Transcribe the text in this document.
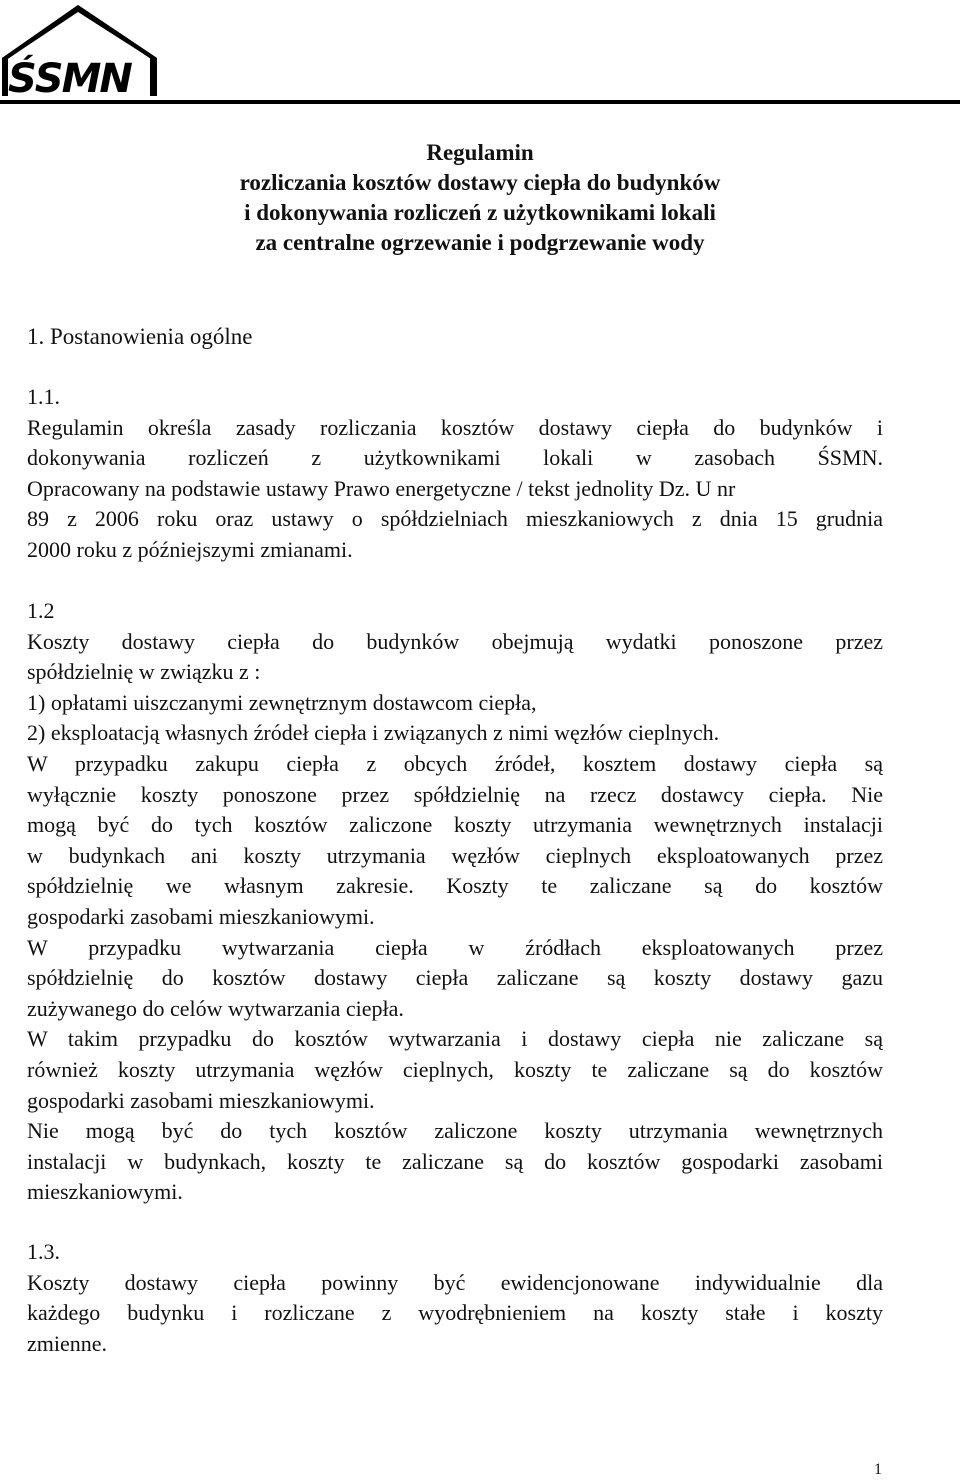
ŚSMN
Regulamin
rozliczania kosztów dostawy ciepła do budynków
i dokonywania rozliczeń z użytkownikami lokali
za centralne ogrzewanie i podgrzewanie wody
1. Postanowienia ogólne
1.1.
Regulamin określa zasady rozliczania kosztów dostawy ciepła do budynków i
dokonywania rozliczeń z użytkownikami lokali w zasobach ŚSMN.
Opracowany na podstawie ustawy Prawo energetyczne / tekst jednolity Dz. U nr
89 z 2006 roku oraz ustawy o spółdzielniach mieszkaniowych z dnia 15 grudnia
2000 roku z późniejszymi zmianami.
1.2
Koszty dostawy ciepła do budynków obejmują wydatki ponoszone przez
spółdzielnię w związku z :
1) opłatami uiszczanymi zewnętrznym dostawcom ciepła,
2) eksploatacją własnych źródeł ciepła i związanych z nimi węzłów cieplnych.
W przypadku zakupu ciepła z obcych źródeł, kosztem dostawy ciepła są
wyłącznie koszty ponoszone przez spółdzielnię na rzecz dostawcy ciepła. Nie
mogą być do tych kosztów zaliczone koszty utrzymania wewnętrznych instalacji
w budynkach ani koszty utrzymania węzłów cieplnych eksploatowanych przez
spółdzielnię we własnym zakresie. Koszty te zaliczane są do kosztów
gospodarki zasobami mieszkaniowymi.
W przypadku wytwarzania ciepła w źródłach eksploatowanych przez
spółdzielnię do kosztów dostawy ciepła zaliczane są koszty dostawy gazu
zużywanego do celów wytwarzania ciepła.
W takim przypadku do kosztów wytwarzania i dostawy ciepła nie zaliczane są
również koszty utrzymania węzłów cieplnych, koszty te zaliczane są do kosztów
gospodarki zasobami mieszkaniowymi.
Nie mogą być do tych kosztów zaliczone koszty utrzymania wewnętrznych
instalacji w budynkach, koszty te zaliczane są do kosztów gospodarki zasobami
mieszkaniowymi.
1.3.
Koszty dostawy ciepła powinny być ewidencjonowane indywidualnie dla
każdego budynku i rozliczane z wyodrębnieniem na koszty stałe i koszty
zmienne.
1
